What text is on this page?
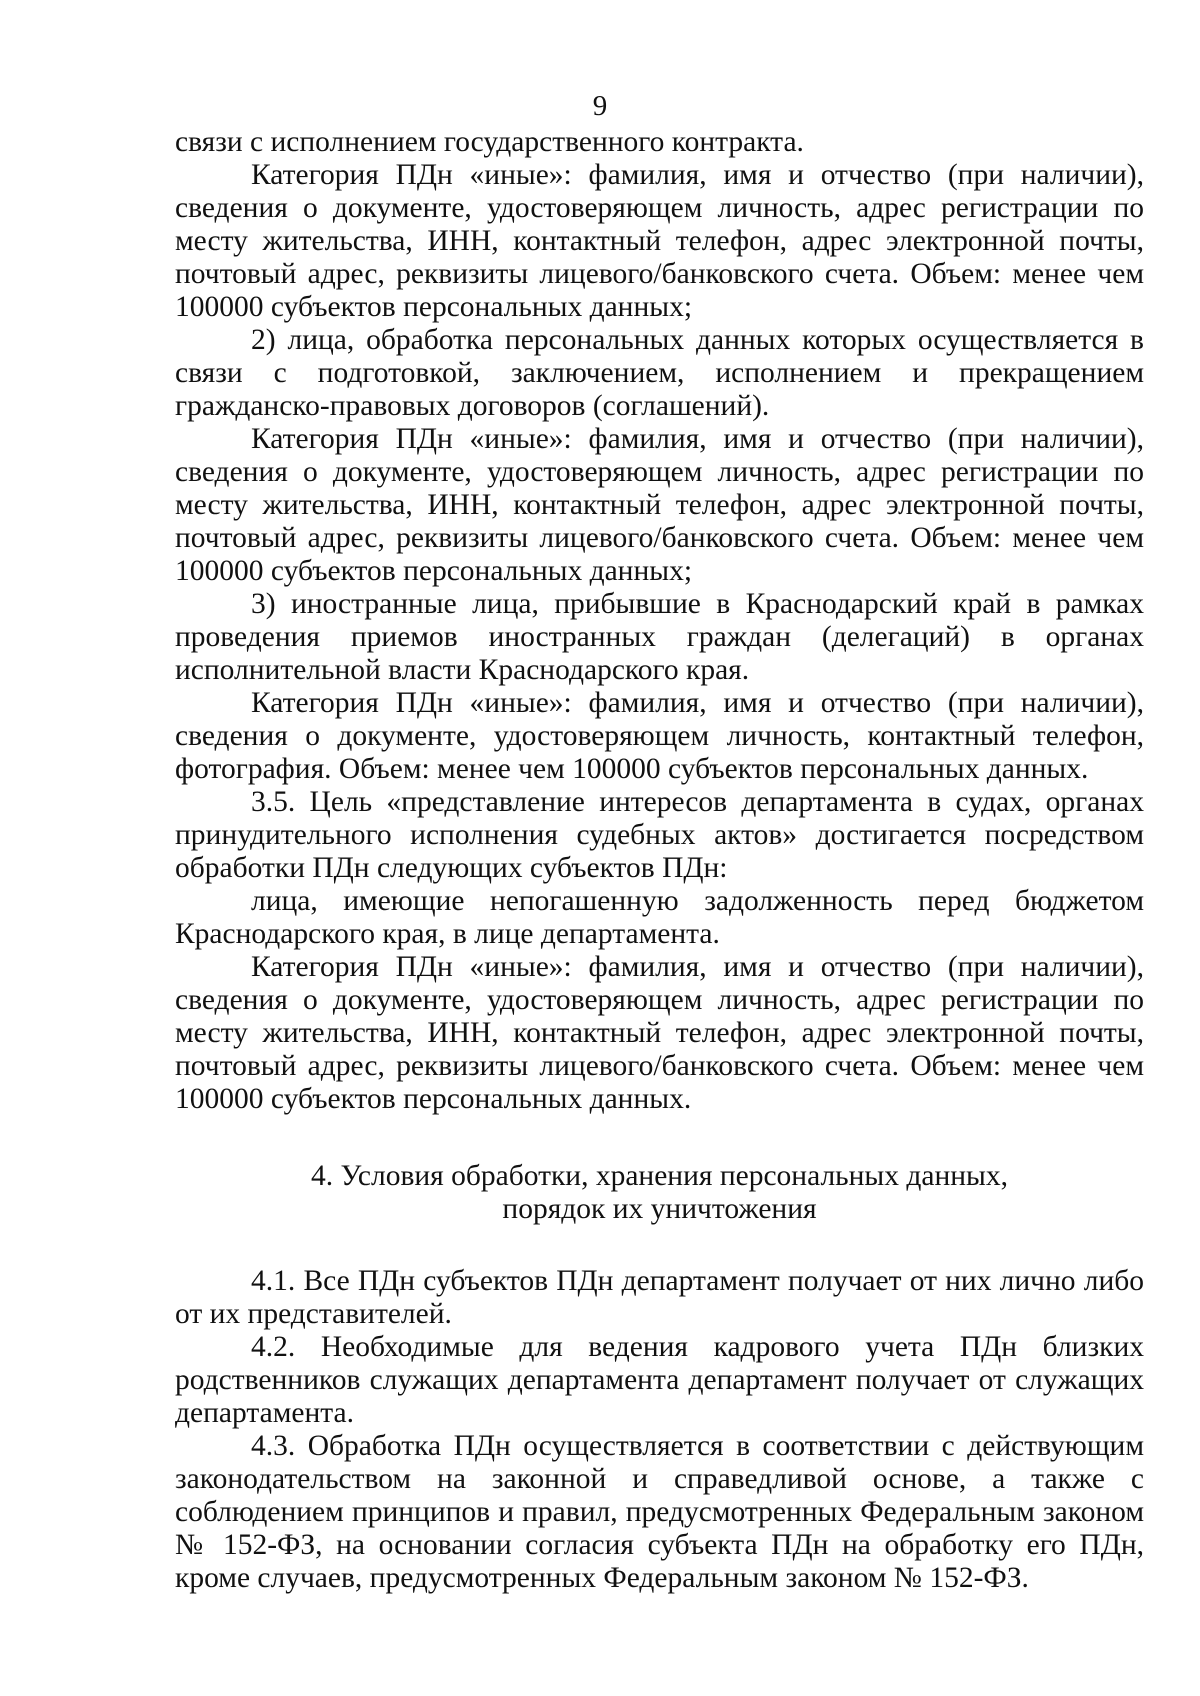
9

связи с исполнением государственного контракта.

Категория ПДн «иные»: фамилия, имя и отчество (при наличии), сведения о документе, удостоверяющем личность, адрес регистрации по месту жительства, ИНН, контактный телефон, адрес электронной почты, почтовый адрес, реквизиты лицевого/банковского счета. Объем: менее чем 100000 субъектов персональных данных;

2) лица, обработка персональных данных которых осуществляется в связи с подготовкой, заключением, исполнением и прекращением гражданско-правовых договоров (соглашений).

Категория ПДн «иные»: фамилия, имя и отчество (при наличии), сведения о документе, удостоверяющем личность, адрес регистрации по месту жительства, ИНН, контактный телефон, адрес электронной почты, почтовый адрес, реквизиты лицевого/банковского счета. Объем: менее чем 100000 субъектов персональных данных;

3) иностранные лица, прибывшие в Краснодарский край в рамках проведения приемов иностранных граждан (делегаций) в органах исполнительной власти Краснодарского края.

Категория ПДн «иные»: фамилия, имя и отчество (при наличии), сведения о документе, удостоверяющем личность, контактный телефон, фотография. Объем: менее чем 100000 субъектов персональных данных.

3.5. Цель «представление интересов департамента в судах, органах принудительного исполнения судебных актов» достигается посредством обработки ПДн следующих субъектов ПДн:

лица, имеющие непогашенную задолженность перед бюджетом Краснодарского края, в лице департамента.

Категория ПДн «иные»: фамилия, имя и отчество (при наличии), сведения о документе, удостоверяющем личность, адрес регистрации по месту жительства, ИНН, контактный телефон, адрес электронной почты, почтовый адрес, реквизиты лицевого/банковского счета. Объем: менее чем 100000 субъектов персональных данных.

4. Условия обработки, хранения персональных данных,
порядок их уничтожения

4.1. Все ПДн субъектов ПДн департамент получает от них лично либо от их представителей.

4.2. Необходимые для ведения кадрового учета ПДн близких родственников служащих департамента департамент получает от служащих департамента.

4.3. Обработка ПДн осуществляется в соответствии с действующим законодательством на законной и справедливой основе, а также с соблюдением принципов и правил, предусмотренных Федеральным законом № 152-ФЗ, на основании согласия субъекта ПДн на обработку его ПДн, кроме случаев, предусмотренных Федеральным законом № 152-ФЗ.
